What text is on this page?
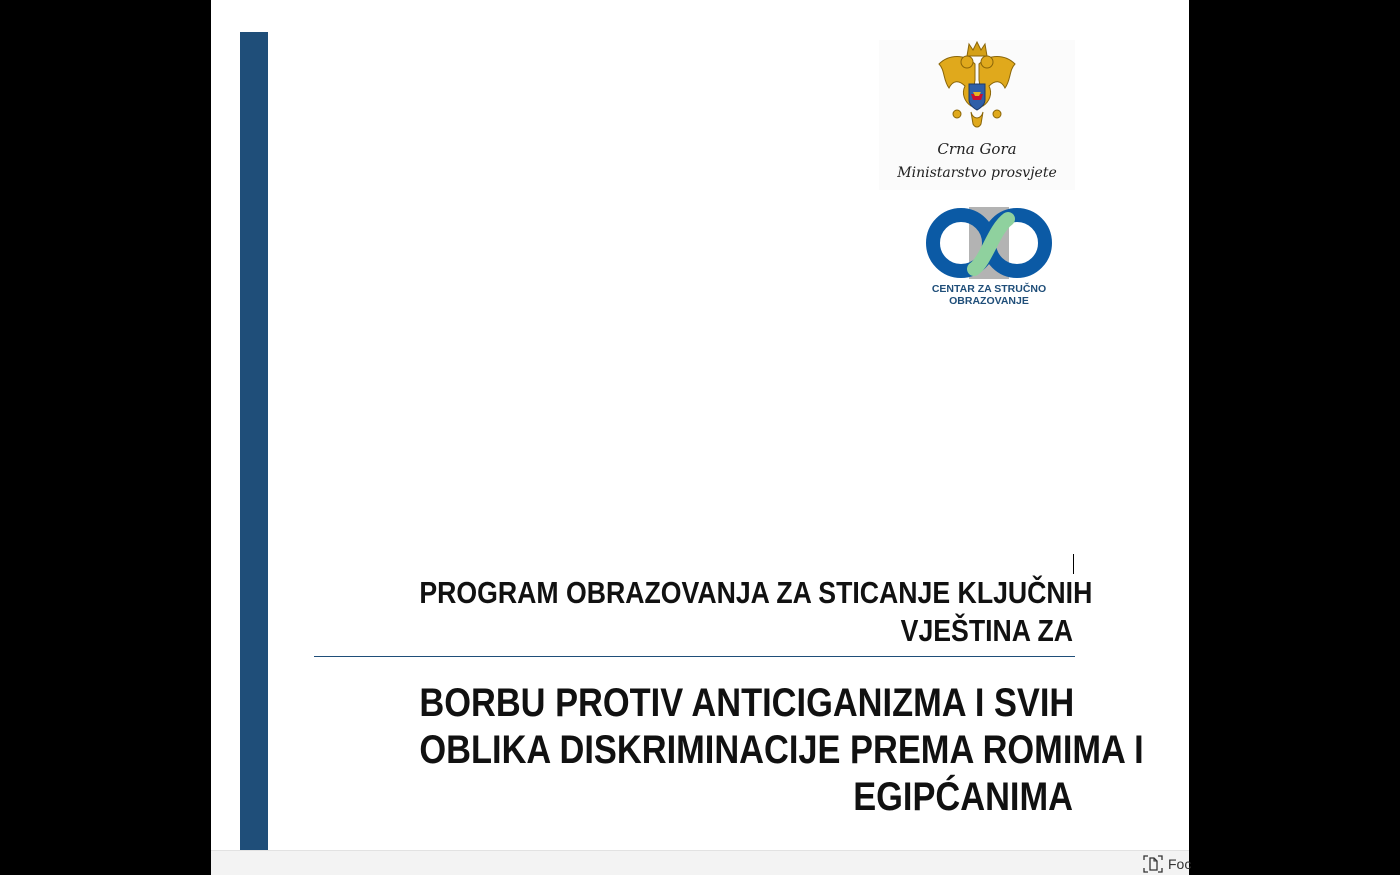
Crna Gora
Ministarstvo prosvjete
CENTAR ZA STRUČNO
OBRAZOVANJE
PROGRAM OBRAZOVANJA ZA STICANJE KLJUČNIH
VJEŠTINA ZA
BORBU PROTIV ANTICIGANIZMA I SVIH
OBLIKA DISKRIMINACIJE PREMA ROMIMA I
EGIPĆANIMA
Foc
